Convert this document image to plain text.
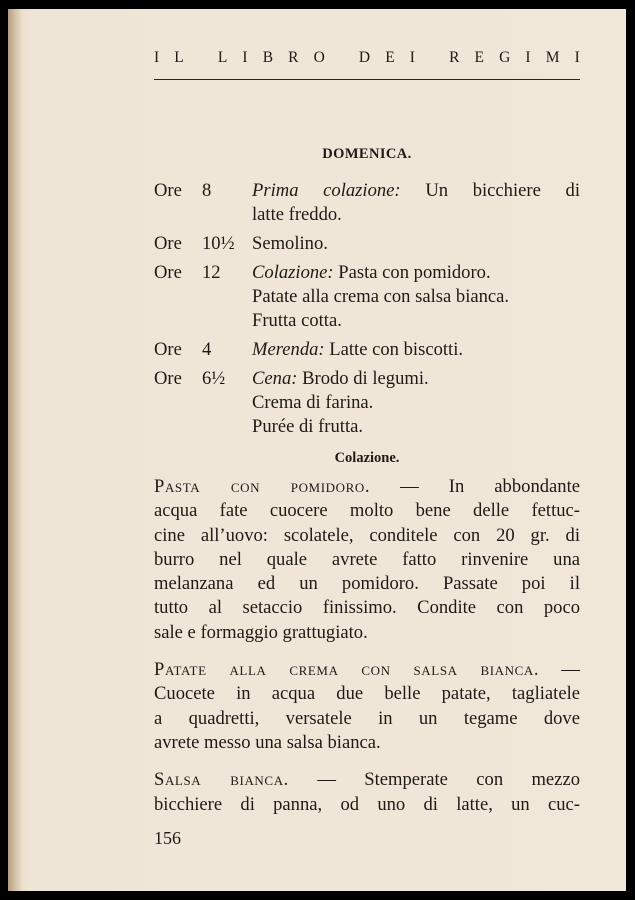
I L
L I B R O
D E I
R E G I M I
DOMENICA.
Ore	8	Prima colazione: Un bicchiere di
latte freddo.
Ore	10½ Semolino.
Ore	12	Colazione: Pasta con pomidoro.
Patate alla crema con salsa bianca.
Frutta cotta.
Ore	4	Merenda: Latte con biscotti.
Ore	6½	Cena: Brodo di legumi.
Crema di farina.
Purée di frutta.
Colazione.
Pasta con pomidoro. — In abbondante
acqua fate cuocere molto bene delle fettuc-
cine all’uovo: scolatele, conditele con 20 gr. di
burro nel quale avrete fatto rinvenire una
melanzana ed un pomidoro. Passate poi il
tutto al setaccio finissimo. Condite con poco
sale e formaggio grattugiato.
Patate alla crema con salsa bianca. —
Cuocete in acqua due belle patate, tagliatele
a quadretti, versatele in un tegame dove
avrete messo una salsa bianca.
Salsa bianca. — Stemperate con mezzo
bicchiere di panna, od uno di latte, un cuc-
156
